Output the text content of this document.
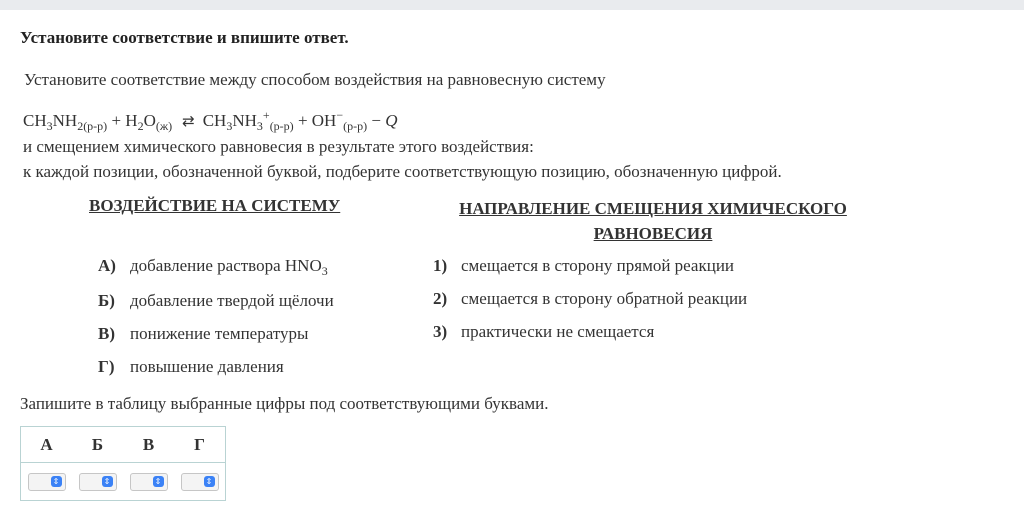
Установите соответствие и впишите ответ.
Установите соответствие между способом воздействия на равновесную систему
$CH_3NH_{2(р-р)} + H_2O_{(ж)}$ ⇄ $CH_3NH_3^+_{(р-р)} + OH^-_{(р-р)} - Q$
и смещением химического равновесия в результате этого воздействия:
к каждой позиции, обозначенной буквой, подберите соответствующую позицию, обозначенную цифрой.
ВОЗДЕЙСТВИЕ НА СИСТЕМУ	НАПРАВЛЕНИЕ СМЕЩЕНИЯ ХИМИЧЕСКОГО РАВНОВЕСИЯ
А) добавление раствора $HNO_3$
Б) добавление твердой щёлочи
В) понижение температуры
Г) повышение давления
1) смещается в сторону прямой реакции
2) смещается в сторону обратной реакции
3) практически не смещается
Запишите в таблицу выбранные цифры под соответствующими буквами.
А	Б	В	Г

⇕	⇕	⇕	⇕
